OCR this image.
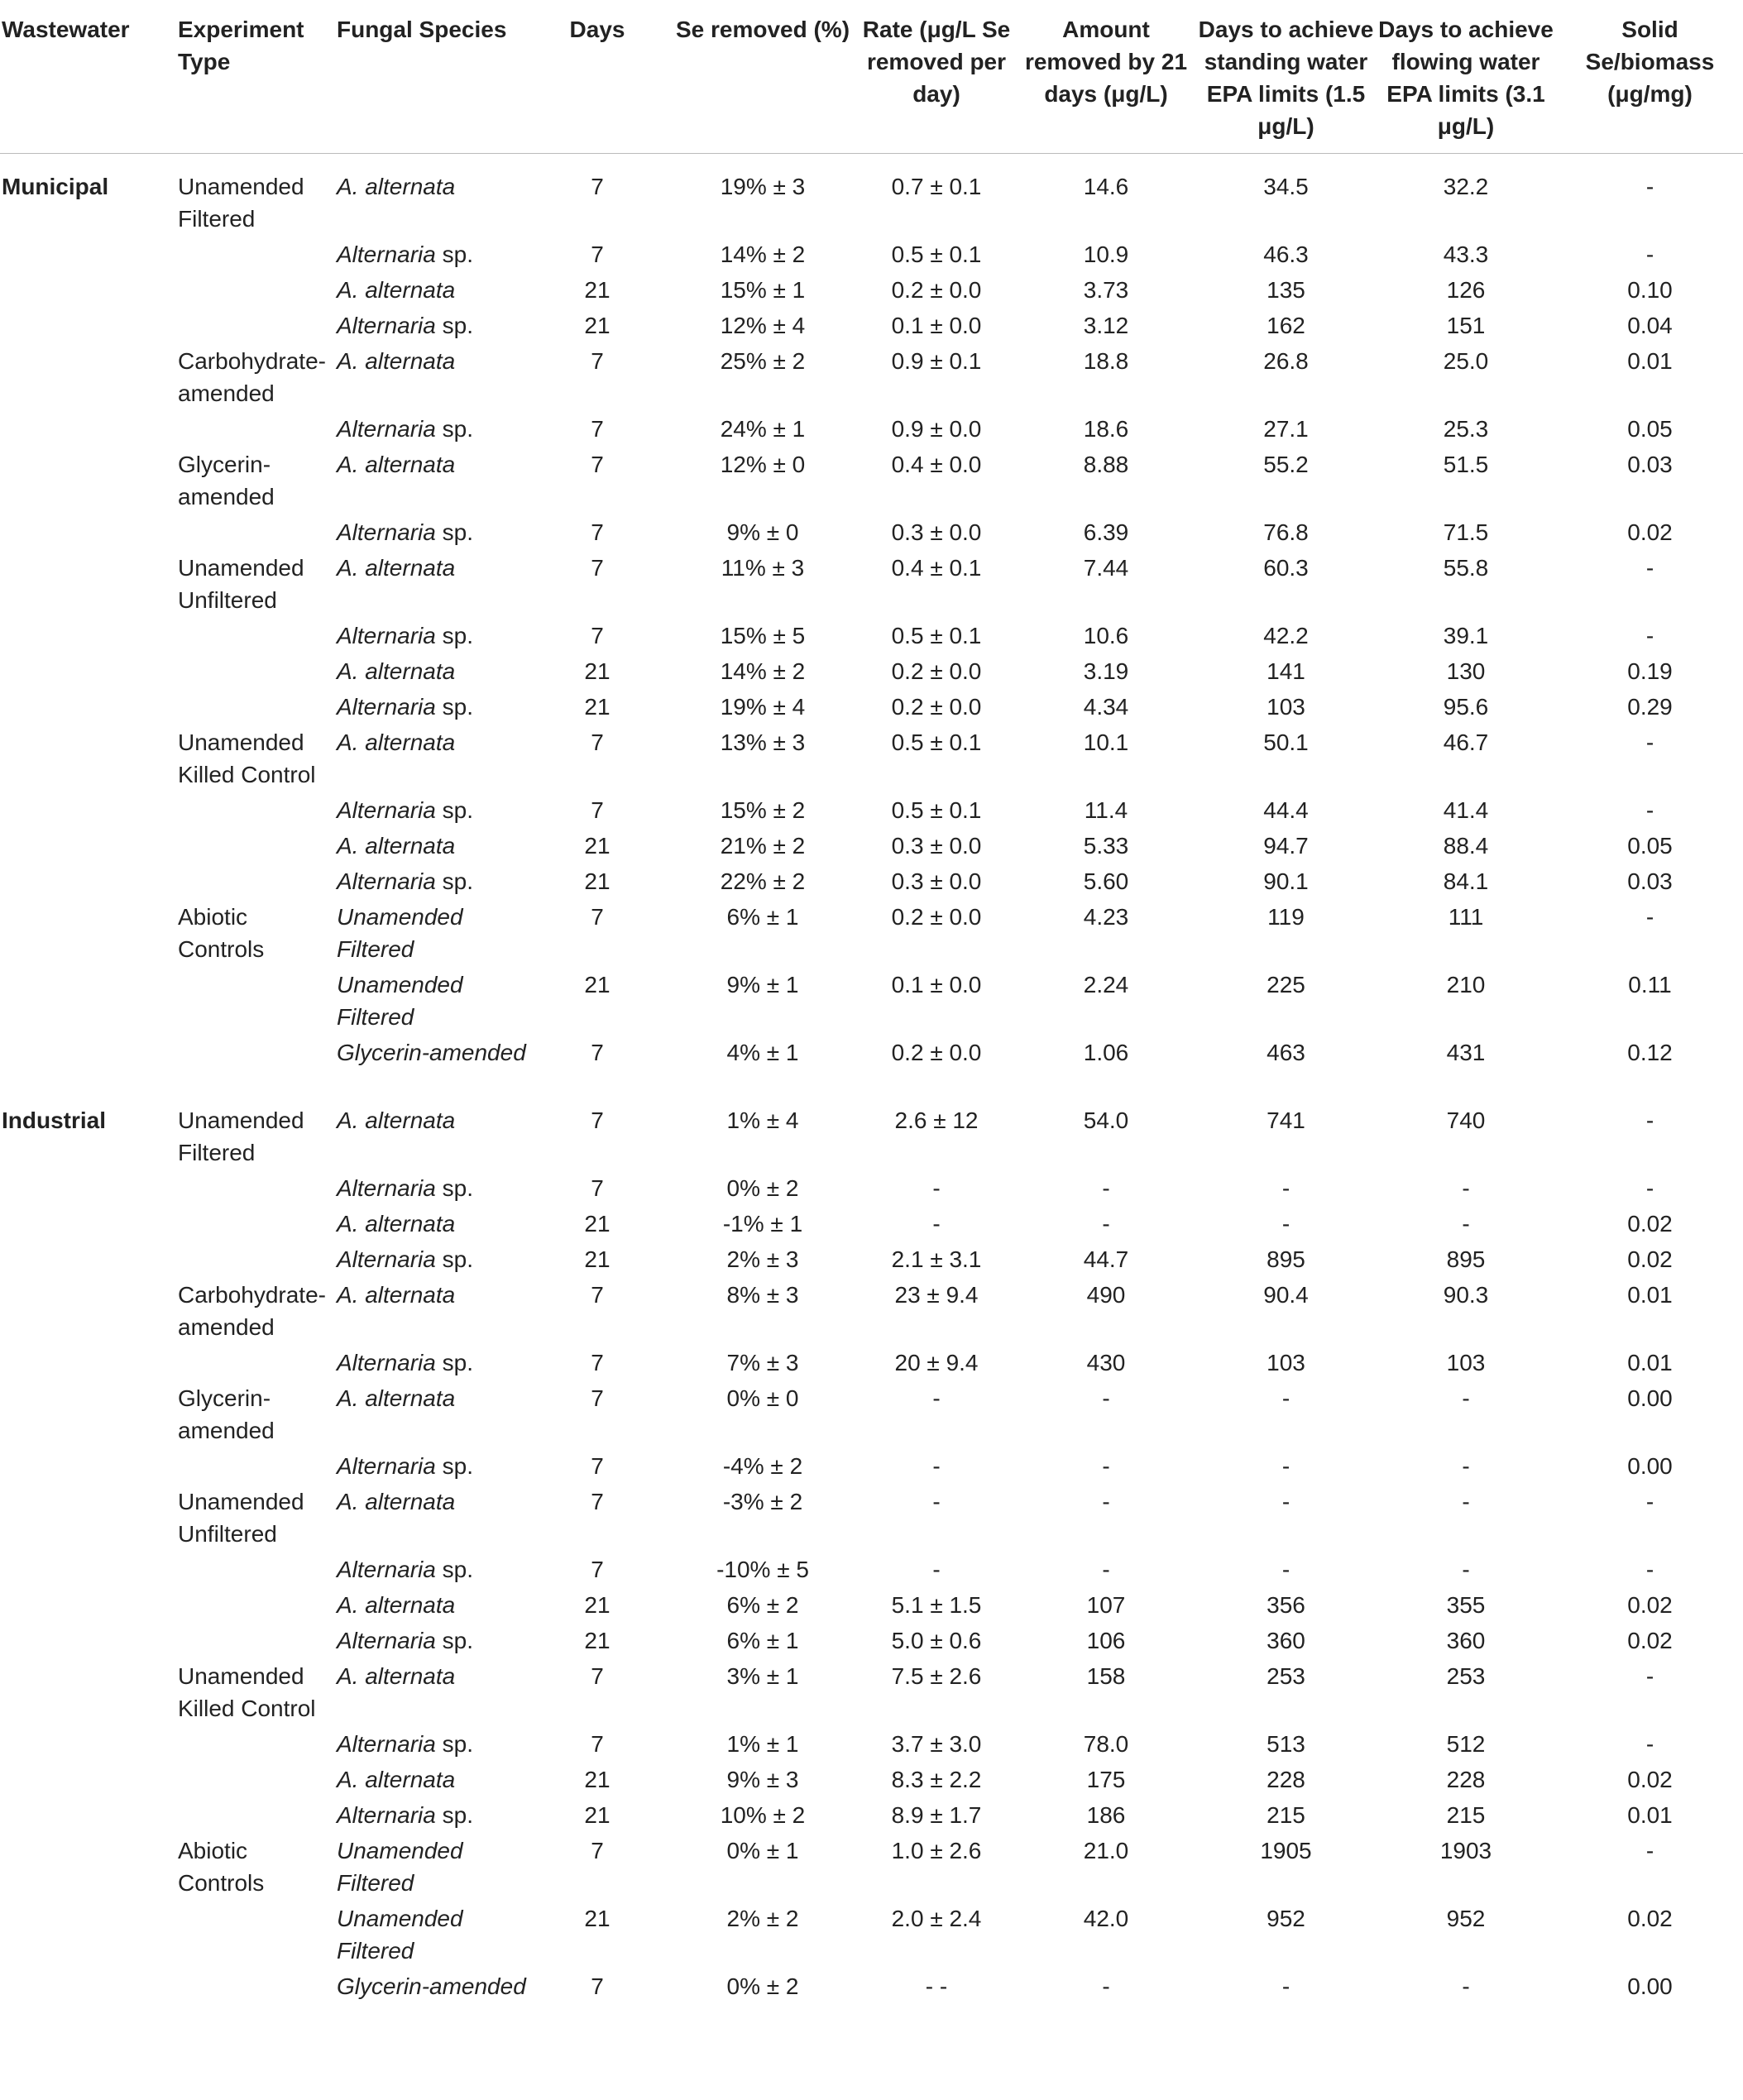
Wastewater	Experiment Type	Fungal Species	Days	Se removed (%)	Rate (μg/L Se removed per day)	Amount removed by 21 days (μg/L)	Days to achieve standing water EPA limits (1.5 μg/L)	Days to achieve flowing water EPA limits (3.1 μg/L)	Solid Se/biomass (μg/mg)
Municipal	Unamended Filtered	A. alternata	7	19% ± 3	0.7 ± 0.1	14.6	34.5	32.2	-
		Alternaria sp.	7	14% ± 2	0.5 ± 0.1	10.9	46.3	43.3	-
		A. alternata	21	15% ± 1	0.2 ± 0.0	3.73	135	126	0.10
		Alternaria sp.	21	12% ± 4	0.1 ± 0.0	3.12	162	151	0.04
	Carbohydrate-amended	A. alternata	7	25% ± 2	0.9 ± 0.1	18.8	26.8	25.0	0.01
		Alternaria sp.	7	24% ± 1	0.9 ± 0.0	18.6	27.1	25.3	0.05
	Glycerin-amended	A. alternata	7	12% ± 0	0.4 ± 0.0	8.88	55.2	51.5	0.03
		Alternaria sp.	7	9% ± 0	0.3 ± 0.0	6.39	76.8	71.5	0.02
	Unamended Unfiltered	A. alternata	7	11% ± 3	0.4 ± 0.1	7.44	60.3	55.8	-
		Alternaria sp.	7	15% ± 5	0.5 ± 0.1	10.6	42.2	39.1	-
		A. alternata	21	14% ± 2	0.2 ± 0.0	3.19	141	130	0.19
		Alternaria sp.	21	19% ± 4	0.2 ± 0.0	4.34	103	95.6	0.29
	Unamended Killed Control	A. alternata	7	13% ± 3	0.5 ± 0.1	10.1	50.1	46.7	-
		Alternaria sp.	7	15% ± 2	0.5 ± 0.1	11.4	44.4	41.4	-
		A. alternata	21	21% ± 2	0.3 ± 0.0	5.33	94.7	88.4	0.05
		Alternaria sp.	21	22% ± 2	0.3 ± 0.0	5.60	90.1	84.1	0.03
	Abiotic Controls	Unamended Filtered	7	6% ± 1	0.2 ± 0.0	4.23	119	111	-
		Unamended Filtered	21	9% ± 1	0.1 ± 0.0	2.24	225	210	0.11
		Glycerin-amended	7	4% ± 1	0.2 ± 0.0	1.06	463	431	0.12
Industrial	Unamended Filtered	A. alternata	7	1% ± 4	2.6 ± 12	54.0	741	740	-
		Alternaria sp.	7	0% ± 2	-	-	-	-	-
		A. alternata	21	-1% ± 1	-	-	-	-	0.02
		Alternaria sp.	21	2% ± 3	2.1 ± 3.1	44.7	895	895	0.02
	Carbohydrate-amended	A. alternata	7	8% ± 3	23 ± 9.4	490	90.4	90.3	0.01
		Alternaria sp.	7	7% ± 3	20 ± 9.4	430	103	103	0.01
	Glycerin-amended	A. alternata	7	0% ± 0	-	-	-	-	0.00
		Alternaria sp.	7	-4% ± 2	-	-	-	-	0.00
	Unamended Unfiltered	A. alternata	7	-3% ± 2	-	-	-	-	-
		Alternaria sp.	7	-10% ± 5	-	-	-	-	-
		A. alternata	21	6% ± 2	5.1 ± 1.5	107	356	355	0.02
		Alternaria sp.	21	6% ± 1	5.0 ± 0.6	106	360	360	0.02
	Unamended Killed Control	A. alternata	7	3% ± 1	7.5 ± 2.6	158	253	253	-
		Alternaria sp.	7	1% ± 1	3.7 ± 3.0	78.0	513	512	-
		A. alternata	21	9% ± 3	8.3 ± 2.2	175	228	228	0.02
		Alternaria sp.	21	10% ± 2	8.9 ± 1.7	186	215	215	0.01
	Abiotic Controls	Unamended Filtered	7	0% ± 1	1.0 ± 2.6	21.0	1905	1903	-
		Unamended Filtered	21	2% ± 2	2.0 ± 2.4	42.0	952	952	0.02
		Glycerin-amended	7	0% ± 2	- -	-	-	-	0.00
